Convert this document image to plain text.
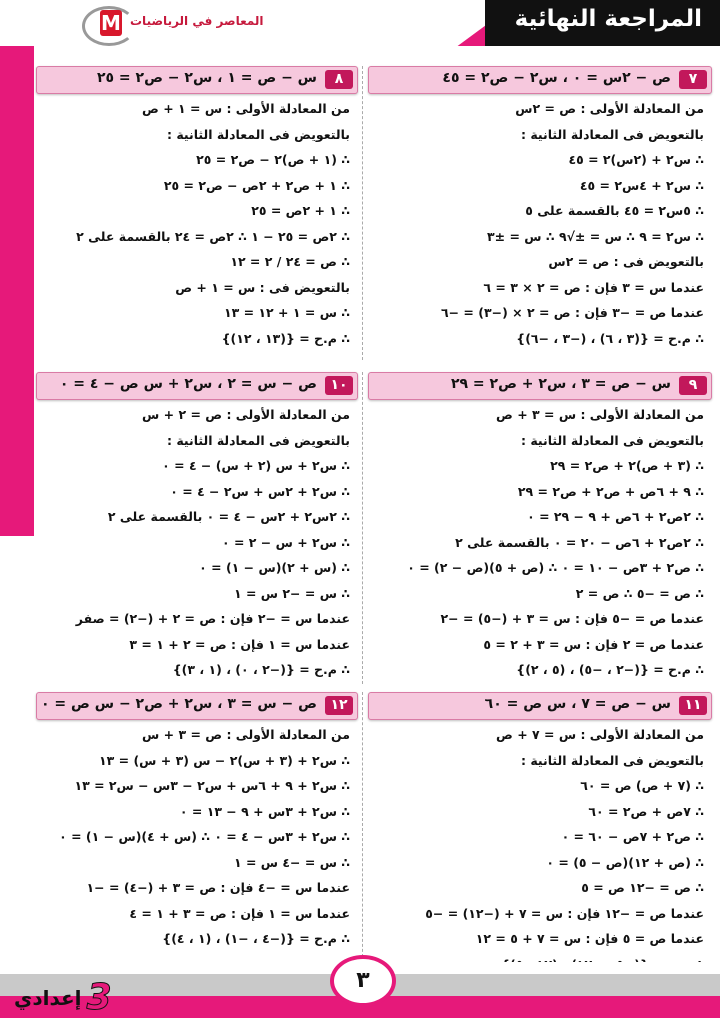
المراجعة النهائية
M المعاصر في الرياضيات
٧
ص − ٢س = ٠ ، س٢ − ص٢ = ٤٥
من المعادلة الأولى : ص = ٢س
بالتعويض فى المعادلة الثانية :
∴ س٢ + (٢س)٢ = ٤٥
∴ س٢ + ٤س٢ = ٤٥
∴ ٥س٢ = ٤٥ بالقسمة على ٥
∴ س٢ = ٩ ∴ س = ±√٩ ∴ س = ±٣
بالتعويض فى : ص = ٢س
عندما س = ٣ فإن : ص = ٢ × ٣ = ٦
عندما ص = −٣ فإن : ص = ٢ × (−٣) = −٦
∴ م.ح = {(٣ ، ٦) ، (−٣ ، −٦)}
٨
س − ص = ١ ، س٢ − ص٢ = ٢٥
من المعادلة الأولى : س = ١ + ص
بالتعويض فى المعادلة الثانية :
∴ (١ + ص)٢ − ص٢ = ٢٥
∴ ١ + ص٢ + ٢ص − ص٢ = ٢٥
∴ ١ + ٢ص = ٢٥
∴ ٢ص = ٢٥ − ١ ∴ ٢ص = ٢٤ بالقسمة على ٢
∴ ص = ٢٤ / ٢ = ١٢
بالتعويض فى : س = ١ + ص
∴ س = ١ + ١٢ = ١٣
∴ م.ح = {(١٣ ، ١٢)}
٩
س − ص = ٣ ، س٢ + ص٢ = ٢٩
من المعادلة الأولى : س = ٣ + ص
بالتعويض فى المعادلة الثانية :
∴ (٣ + ص)٢ + ص٢ = ٢٩
∴ ٩ + ٦ص + ص٢ + ص٢ = ٢٩
∴ ٢ص٢ + ٦ص + ٩ − ٢٩ = ٠
∴ ٢ص٢ + ٦ص − ٢٠ = ٠ بالقسمة على ٢
∴ ص٢ + ٣ص − ١٠ = ٠ ∴ (ص + ٥)(ص − ٢) = ٠
∴ ص = −٥ ∴ ص = ٢
عندما ص = −٥ فإن : س = ٣ + (−٥) = −٢
عندما ص = ٢ فإن : س = ٣ + ٢ = ٥
∴ م.ح = {(−٢ ، −٥) ، (٥ ، ٢)}
١٠
ص − س = ٢ ، س٢ + س ص − ٤ = ٠
من المعادلة الأولى : ص = ٢ + س
بالتعويض فى المعادلة الثانية :
∴ س٢ + س (٢ + س) − ٤ = ٠
∴ س٢ + ٢س + س٢ − ٤ = ٠
∴ ٢س٢ + ٢س − ٤ = ٠ بالقسمة على ٢
∴ س٢ + س − ٢ = ٠
∴ (س + ٢)(س − ١) = ٠
∴ س = −٢ س = ١
عندما س = −٢ فإن : ص = ٢ + (−٢) = صفر
عندما س = ١ فإن : ص = ٢ + ١ = ٣
∴ م.ح = {(−٢ ، ٠) ، (١ ، ٣)}
١١
س − ص = ٧ ، س ص = ٦٠
من المعادلة الأولى : س = ٧ + ص
بالتعويض فى المعادلة الثانية :
∴ (٧ + ص) ص = ٦٠
∴ ٧ص + ص٢ = ٦٠
∴ ص٢ + ٧ص − ٦٠ = ٠
∴ (ص + ١٢)(ص − ٥) = ٠
∴ ص = −١٢ ص = ٥
عندما ص = −١٢ فإن : س = ٧ + (−١٢) = −٥
عندما ص = ٥ فإن : س = ٧ + ٥ = ١٢
١٢
ص − س = ٣ ، س٢ + ص٢ − س ص = ٠
من المعادلة الأولى : ص = ٣ + س
∴ س٢ + (٣ + س)٢ − س (٣ + س) = ١٣
∴ س٢ + ٩ + ٦س + س٢ − ٣س − س٢ = ١٣
∴ س٢ + ٣س + ٩ − ١٣ = ٠
∴ س٢ + ٣س − ٤ = ٠ ∴ (س + ٤)(س − ١) = ٠
∴ س = −٤ س = ١
عندما س = −٤ فإن : ص = ٣ + (−٤) = −١
عندما س = ١ فإن : ص = ٣ + ١ = ٤
∴ م.ح = {(−٤ ، −١) ، (١ ، ٤)}
٣
3 إعدادي
